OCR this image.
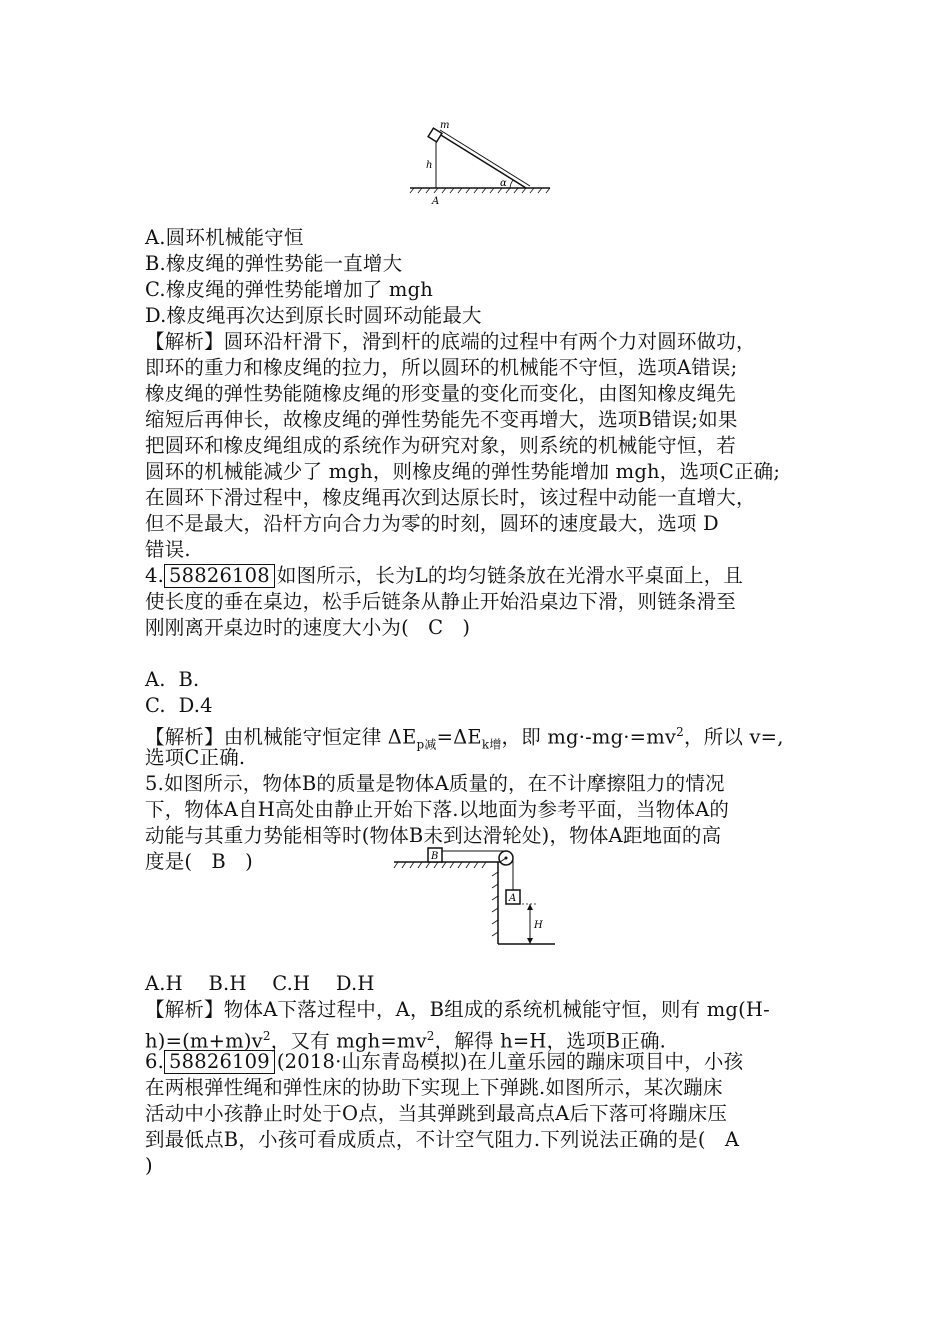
m
h
α
A
A.圆环机械能守恒
B.橡皮绳的弹性势能一直增大
C.橡皮绳的弹性势能增加了 mgh
D.橡皮绳再次达到原长时圆环动能最大
【解析】圆环沿杆滑下，滑到杆的底端的过程中有两个力对圆环做功，
即环的重力和橡皮绳的拉力，所以圆环的机械能不守恒，选项A错误;
橡皮绳的弹性势能随橡皮绳的形变量的变化而变化，由图知橡皮绳先
缩短后再伸长，故橡皮绳的弹性势能先不变再增大，选项B错误;如果
把圆环和橡皮绳组成的系统作为研究对象，则系统的机械能守恒，若
圆环的机械能减少了 mgh，则橡皮绳的弹性势能增加 mgh，选项C正确;
在圆环下滑过程中，橡皮绳再次到达原长时，该过程中动能一直增大，
但不是最大，沿杆方向合力为零的时刻，圆环的速度最大，选项 D
错误.
4. 58826108 如图所示，长为L的均匀链条放在光滑水平桌面上，且
使长度的垂在桌边，松手后链条从静止开始沿桌边下滑，则链条滑至
刚刚离开桌边时的速度大小为(   C   )
A.  B.
C.  D.4
【解析】由机械能守恒定律 $\Delta E_{p减}=\Delta E_{k增}$，即 $mg\cdot-mg\cdot=mv^2$，所以 v=,
选项C正确.
5.如图所示，物体B的质量是物体A质量的，在不计摩擦阻力的情况
下，物体A自H高处由静止开始下落.以地面为参考平面，当物体A的
动能与其重力势能相等时(物体B未到达滑轮处)，物体A距地面的高
度是(   B   )	B
A
H
A.H    B.H    C.H    D.H
【解析】物体A下落过程中，A，B组成的系统机械能守恒，则有 mg(H-
$h)=(m+m)v^2$，又有 $mgh=mv^2$，解得 h=H，选项B正确.
6. 58826109 (2018·山东青岛模拟)在儿童乐园的蹦床项目中，小孩
在两根弹性绳和弹性床的协助下实现上下弹跳.如图所示，某次蹦床
活动中小孩静止时处于O点，当其弹跳到最高点A后下落可将蹦床压
到最低点B，小孩可看成质点，不计空气阻力.下列说法正确的是(   A
)
